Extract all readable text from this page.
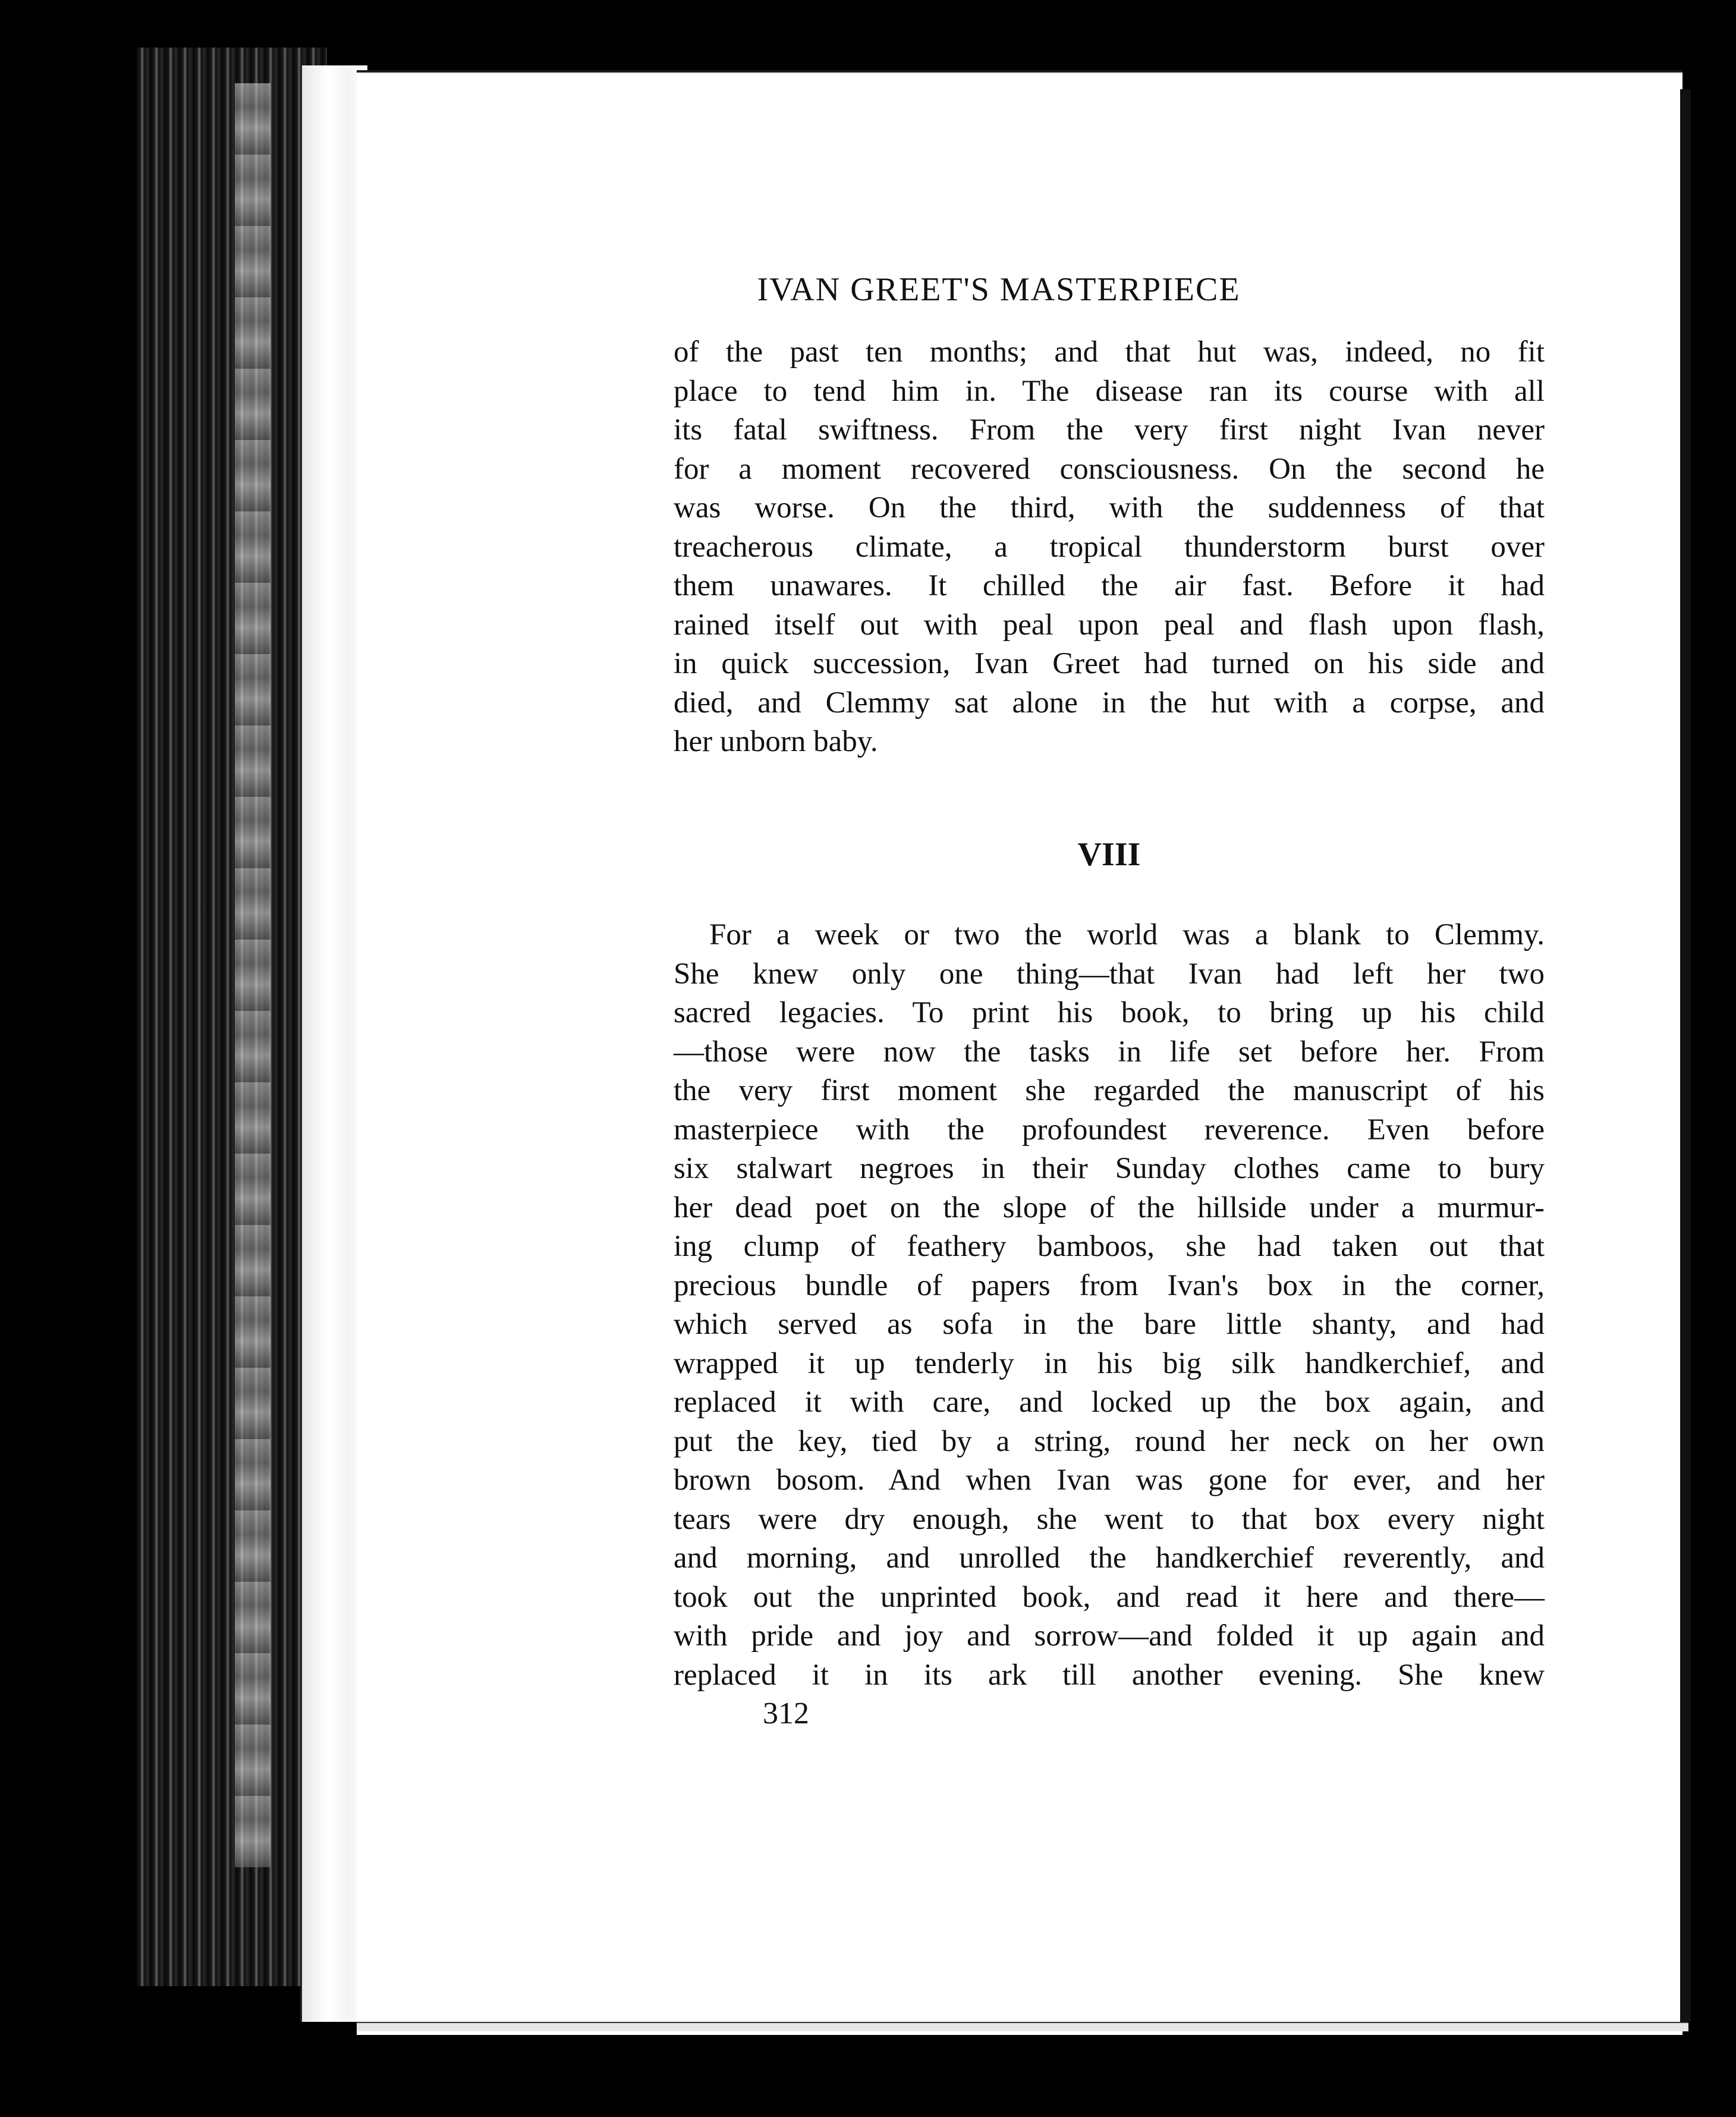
IVAN GREET'S MASTERPIECE
of the past ten months; and that hut was, indeed, no fit
place to tend him in. The disease ran its course with all
its fatal swiftness. From the very first night Ivan never
for a moment recovered consciousness. On the second he
was worse. On the third, with the suddenness of that
treacherous climate, a tropical thunderstorm burst over
them unawares. It chilled the air fast. Before it had
rained itself out with peal upon peal and flash upon flash,
in quick succession, Ivan Greet had turned on his side and
died, and Clemmy sat alone in the hut with a corpse, and
her unborn baby.
VIII
For a week or two the world was a blank to Clemmy.
She knew only one thing—that Ivan had left her two
sacred legacies. To print his book, to bring up his child
—those were now the tasks in life set before her. From
the very first moment she regarded the manuscript of his
masterpiece with the profoundest reverence. Even before
six stalwart negroes in their Sunday clothes came to bury
her dead poet on the slope of the hillside under a murmur-
ing clump of feathery bamboos, she had taken out that
precious bundle of papers from Ivan's box in the corner,
which served as sofa in the bare little shanty, and had
wrapped it up tenderly in his big silk handkerchief, and
replaced it with care, and locked up the box again, and
put the key, tied by a string, round her neck on her own
brown bosom. And when Ivan was gone for ever, and her
tears were dry enough, she went to that box every night
and morning, and unrolled the handkerchief reverently, and
took out the unprinted book, and read it here and there—
with pride and joy and sorrow—and folded it up again and
replaced it in its ark till another evening. She knew
312
